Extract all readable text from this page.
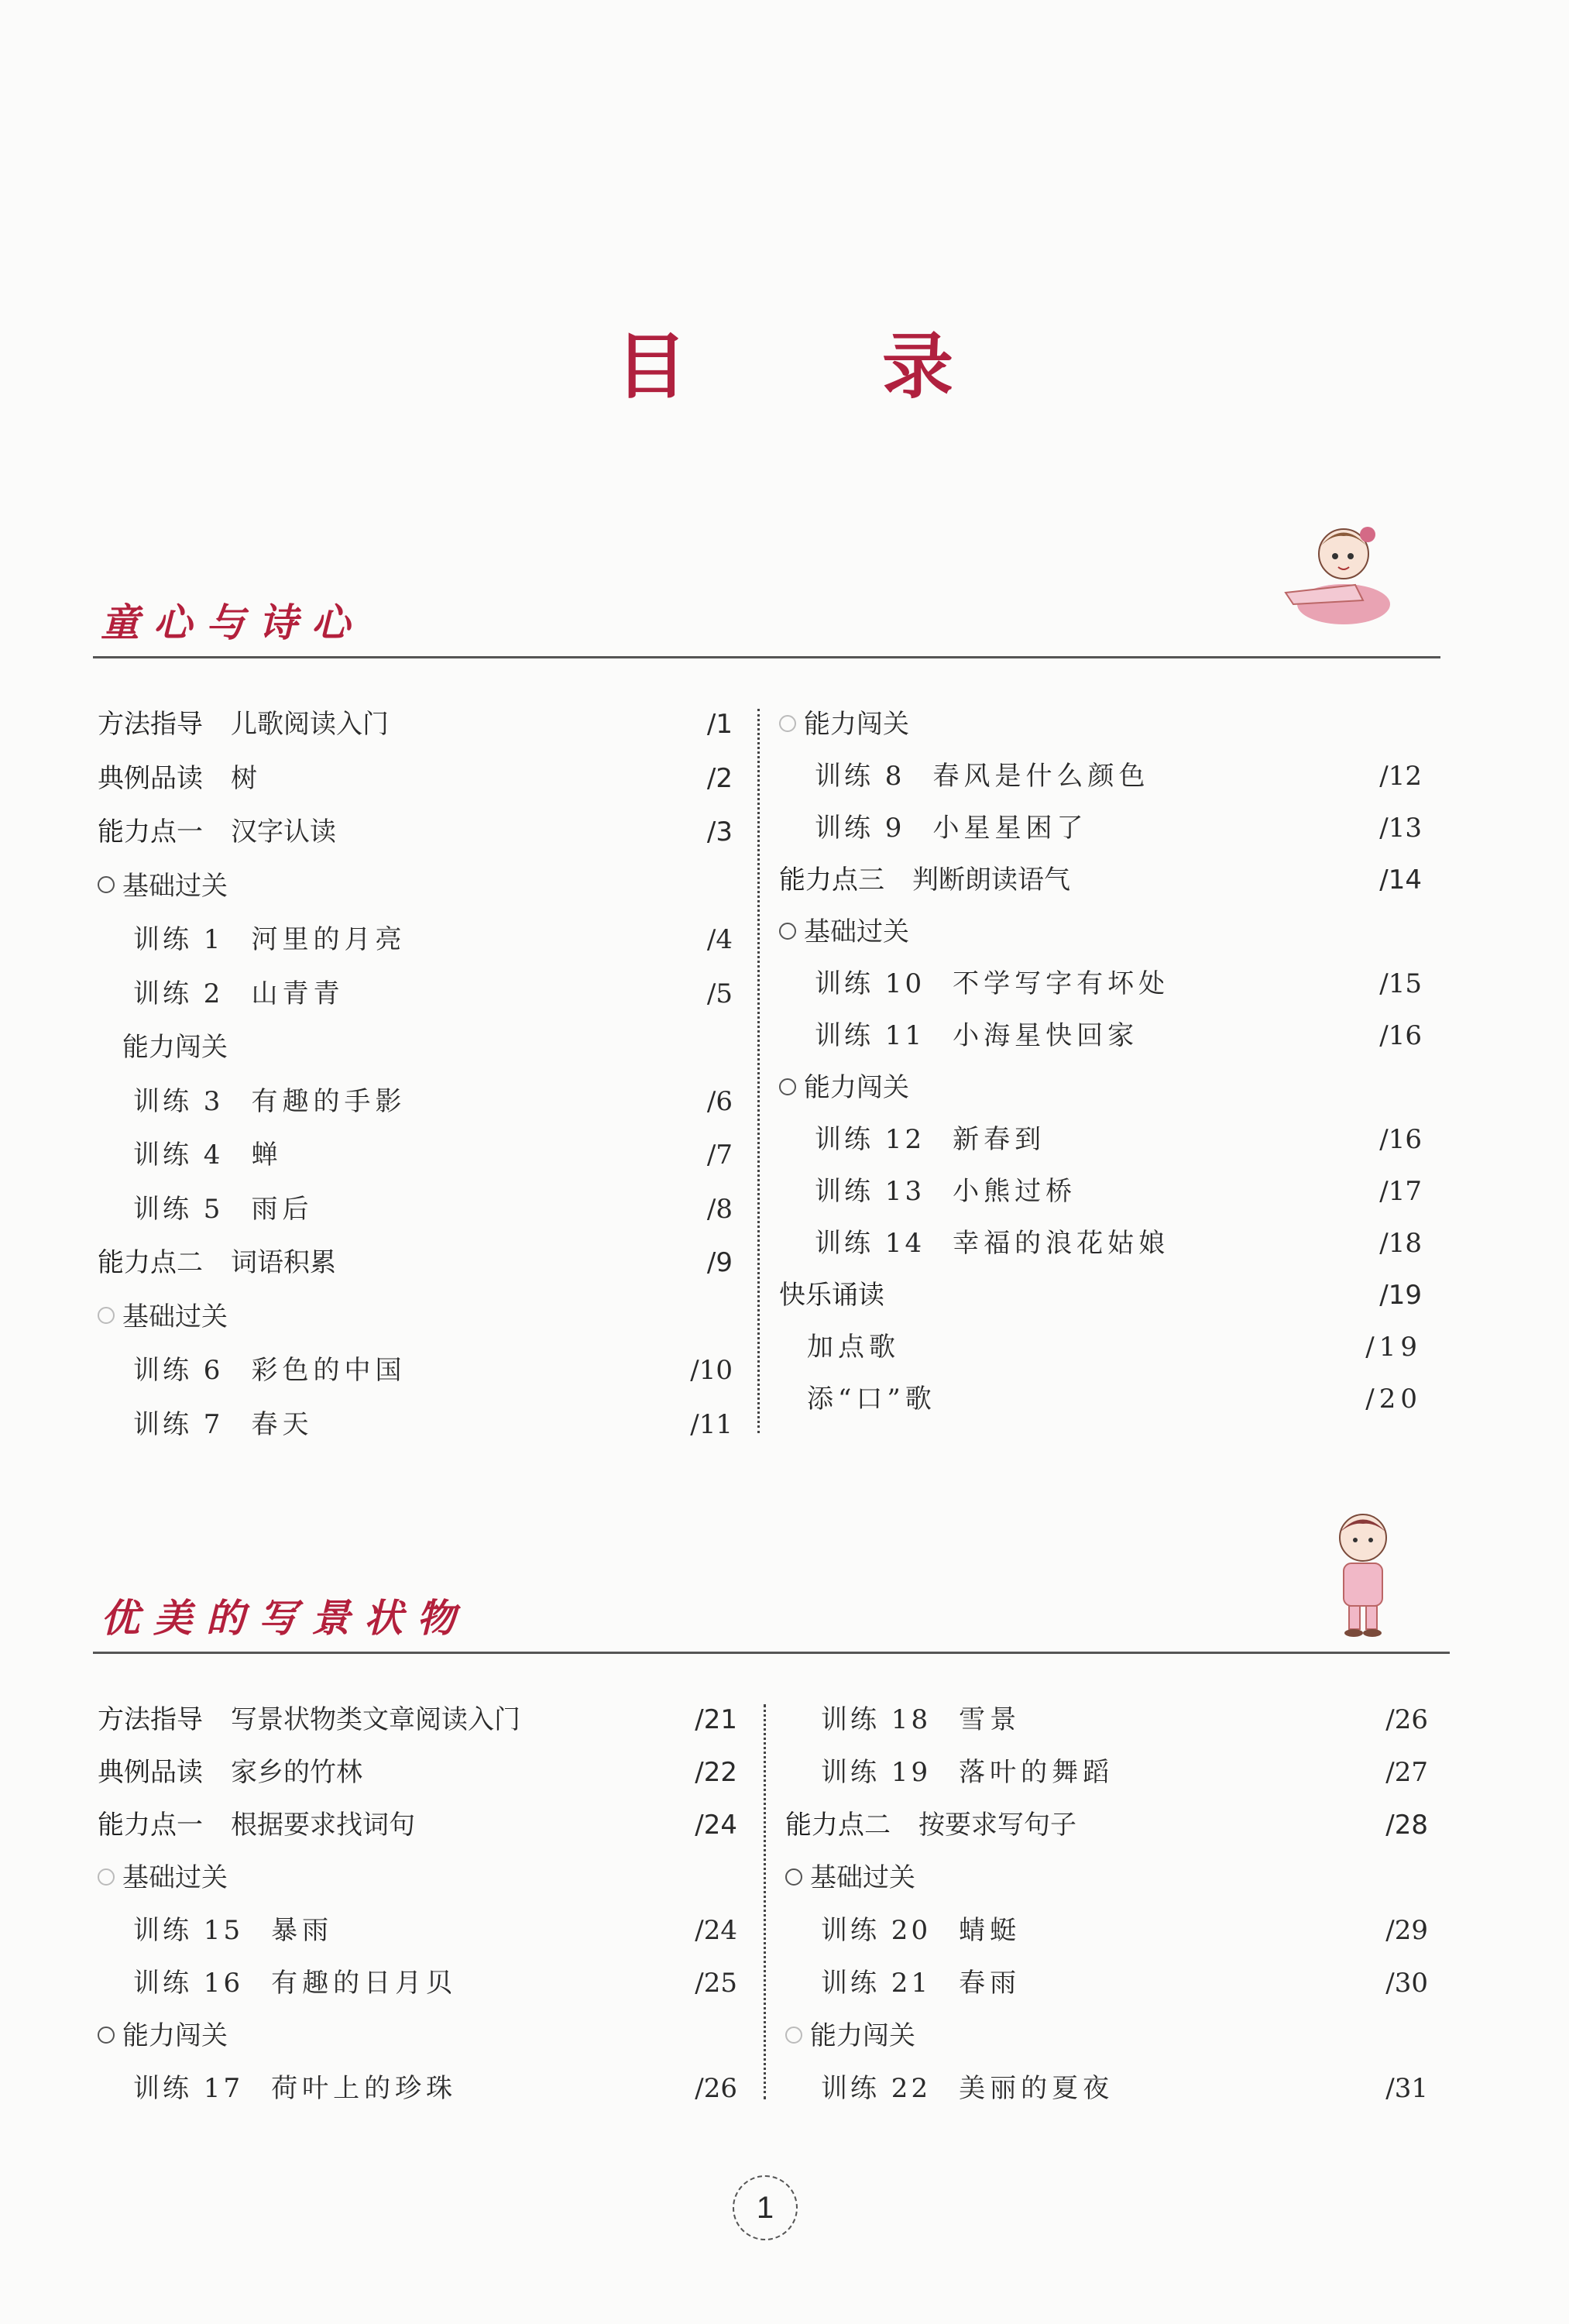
目 录
童心与诗心
方法指导 儿歌阅读入门	/1
典例品读 树	/2
能力点一 汉字认读	/3
基础过关
训练 1 河里的月亮	/4
训练 2 山青青	/5
能力闯关
训练 3 有趣的手影	/6
训练 4 蝉	/7
训练 5 雨后	/8
能力点二 词语积累	/9
基础过关
训练 6 彩色的中国	/10
训练 7 春天	/11
能力闯关
训练 8 春风是什么颜色	/12
训练 9 小星星困了	/13
能力点三 判断朗读语气	/14
基础过关
训练 10 不学写字有坏处	/15
训练 11 小海星快回家	/16
能力闯关
训练 12 新春到	/16
训练 13 小熊过桥	/17
训练 14 幸福的浪花姑娘	/18
快乐诵读	/19
加点歌	/19
添“口”歌	/20
优美的写景状物
方法指导 写景状物类文章阅读入门	/21
典例品读 家乡的竹林	/22
能力点一 根据要求找词句	/24
基础过关
训练 15 暴雨	/24
训练 16 有趣的日月贝	/25
能力闯关
训练 17 荷叶上的珍珠	/26
训练 18 雪景	/26
训练 19 落叶的舞蹈	/27
能力点二 按要求写句子	/28
基础过关
训练 20 蜻蜓	/29
训练 21 春雨	/30
能力闯关
训练 22 美丽的夏夜	/31
1
